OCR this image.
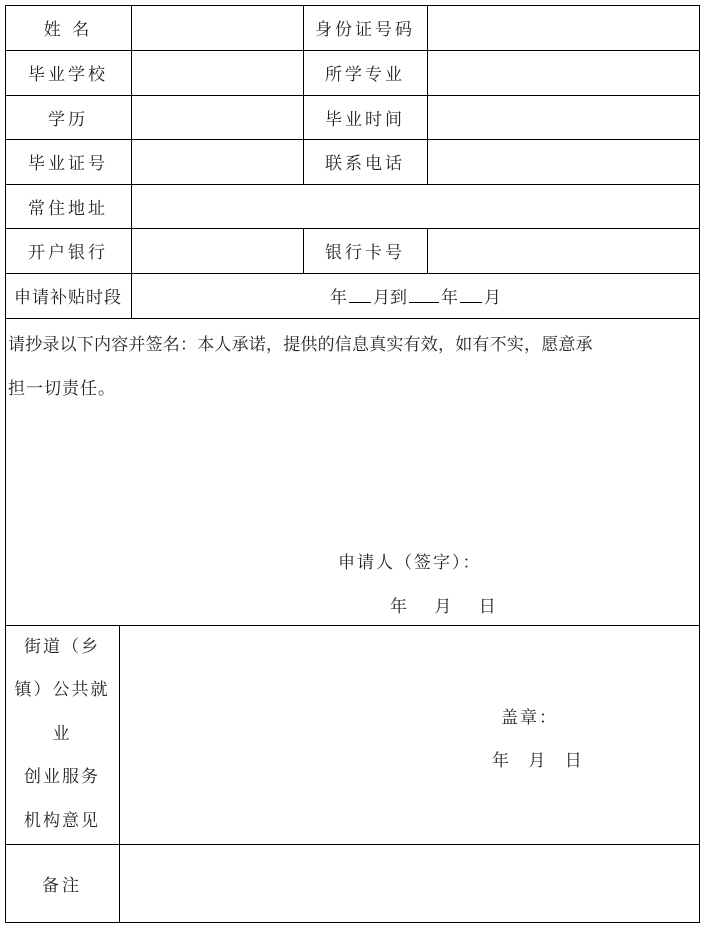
姓 名	身份证号码
毕业学校	所学专业
学历	毕业时间
毕业证号	联系电话
常住地址
开户银行	银行卡号
申请补贴时段	年 月到 年 月
请抄录以下内容并签名：本人承诺，提供的信息真实有效，如有不实，愿意承
担一切责任。
申请人（签字）：
年 月 日
街道（乡
镇）公共就
业
创业服务
机构意见
盖章：
年 月 日
备注
